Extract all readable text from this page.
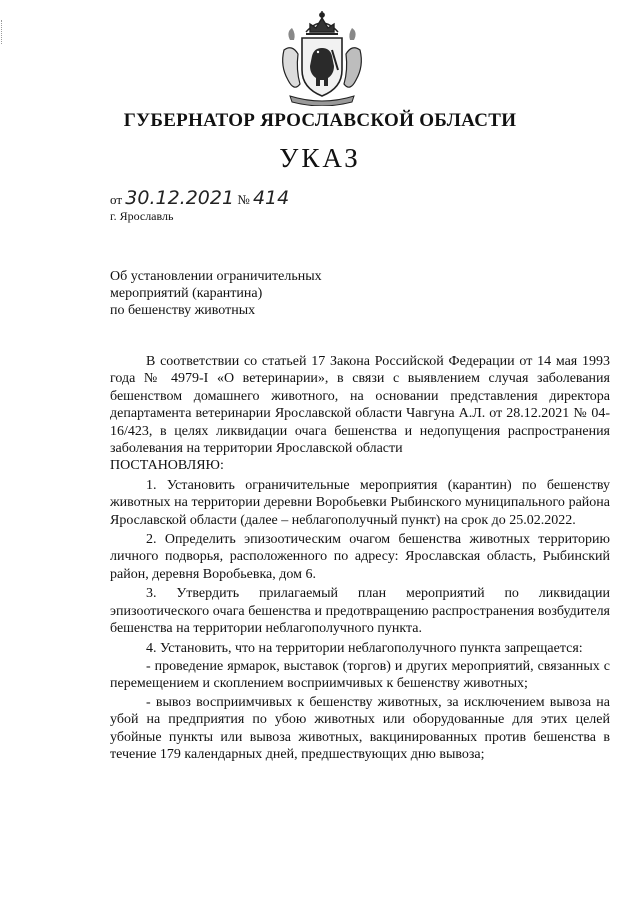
ГУБЕРНАТОР ЯРОСЛАВСКОЙ ОБЛАСТИ
УКАЗ
от 30.12.2021 № 414
г. Ярославль
Об установлении ограничительных
мероприятий (карантина)
по бешенству животных

В соответствии со статьей 17 Закона Российской Федерации от 14 мая 1993 года № 4979-I «О ветеринарии», в связи с выявлением случая заболевания бешенством домашнего животного, на основании представления директора департамента ветеринарии Ярославской области Чавгуна А.Л. от 28.12.2021 № 04-16/423, в целях ликвидации очага бешенства и недопущения распространения заболевания на территории Ярославской области

ПОСТАНОВЛЯЮ:

1. Установить ограничительные мероприятия (карантин) по бешенству животных на территории деревни Воробьевки Рыбинского муниципального района Ярославской области (далее – неблагополучный пункт) на срок до 25.02.2022.

2. Определить эпизоотическим очагом бешенства животных территорию личного подворья, расположенного по адресу: Ярославская область, Рыбинский район, деревня Воробьевка, дом 6.

3. Утвердить прилагаемый план мероприятий по ликвидации эпизоотического очага бешенства и предотвращению распространения возбудителя бешенства на территории неблагополучного пункта.

4. Установить, что на территории неблагополучного пункта запрещается:

- проведение ярмарок, выставок (торгов) и других мероприятий, связанных с перемещением и скоплением восприимчивых к бешенству животных;

- вывоз восприимчивых к бешенству животных, за исключением вывоза на убой на предприятия по убою животных или оборудованные для этих целей убойные пункты или вывоза животных, вакцинированных против бешенства в течение 179 календарных дней, предшествующих дню вывоза;
